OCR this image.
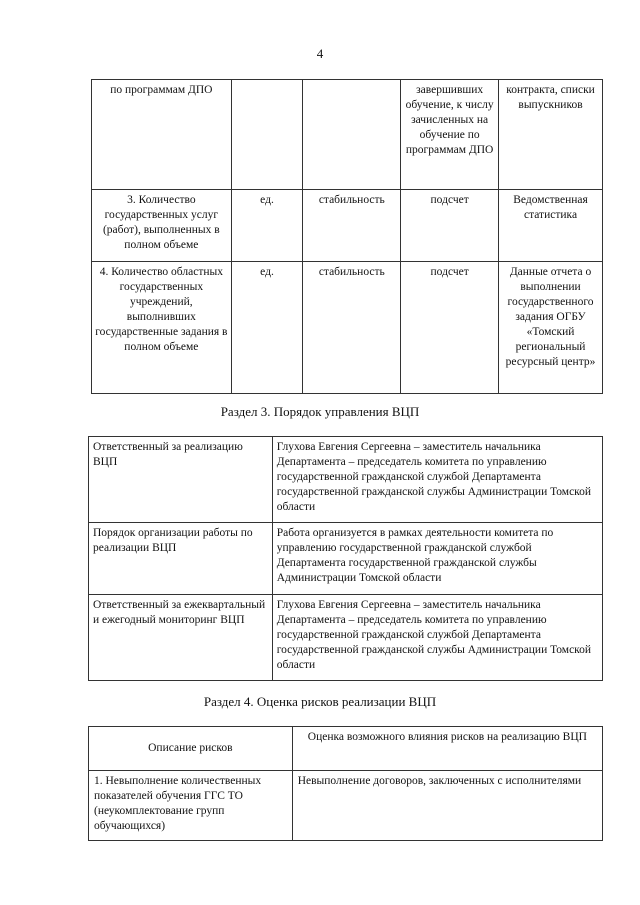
4
по программам ДПО			завершивших обучение, к числу зачисленных на обучение по программам ДПО	контракта, списки выпускников
3. Количество государственных услуг (работ), выполненных в полном объеме	ед.	стабильность	подсчет	Ведомственная статистика
4. Количество областных государственных учреждений, выполнивших государственные задания в полном объеме	ед.	стабильность	подсчет	Данные отчета о выполнении государственного задания ОГБУ «Томский региональный ресурсный центр»
Раздел 3. Порядок управления ВЦП
Ответственный за реализацию ВЦП	Глухова Евгения Сергеевна – заместитель начальника Департамента – председатель комитета по управлению государственной гражданской службой Департамента государственной гражданской службы Администрации Томской области
Порядок организации работы по реализации ВЦП	Работа организуется в рамках деятельности комитета по управлению государственной гражданской службой Департамента государственной гражданской службы Администрации Томской области
Ответственный за ежеквартальный и ежегодный мониторинг ВЦП	Глухова Евгения Сергеевна – заместитель начальника Департамента – председатель комитета по управлению государственной гражданской службой Департамента государственной гражданской службы Администрации Томской области
Раздел 4. Оценка рисков реализации ВЦП
Описание рисков	Оценка возможного влияния рисков на реализацию ВЦП
1. Невыполнение количественных показателей обучения ГГС ТО (неукомплектование групп обучающихся)	Невыполнение договоров, заключенных с исполнителями
